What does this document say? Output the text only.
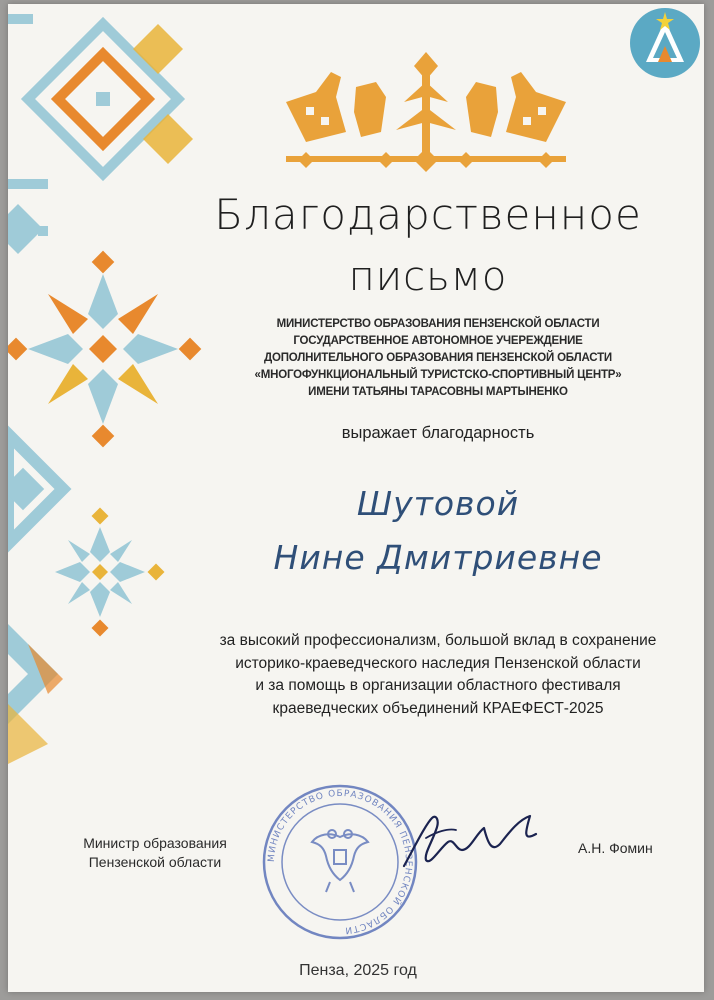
Благодарственное
письмо
МИНИСТЕРСТВО ОБРАЗОВАНИЯ ПЕНЗЕНСКОЙ ОБЛАСТИ
ГОСУДАРСТВЕННОЕ АВТОНОМНОЕ УЧЕРЕЖДЕНИЕ
ДОПОЛНИТЕЛЬНОГО ОБРАЗОВАНИЯ ПЕНЗЕНСКОЙ ОБЛАСТИ
«МНОГОФУНКЦИОНАЛЬНЫЙ ТУРИСТСКО-СПОРТИВНЫЙ ЦЕНТР»
ИМЕНИ ТАТЬЯНЫ ТАРАСОВНЫ МАРТЫНЕНКО
выражает благодарность
Шутовой
Нине Дмитриевне
за высокий профессионализм, большой вклад в сохранение
историко-краеведческого наследия Пензенской области
и за помощь в организации областного фестиваля
краеведческих объединений КРАЕФЕСТ-2025
Министр образования
Пензенской области	МИНИСТЕРСТВО ОБРАЗОВАНИЯ ПЕНЗЕНСКОЙ ОБЛАСТИ
А.Н. Фомин
Пенза, 2025 год
